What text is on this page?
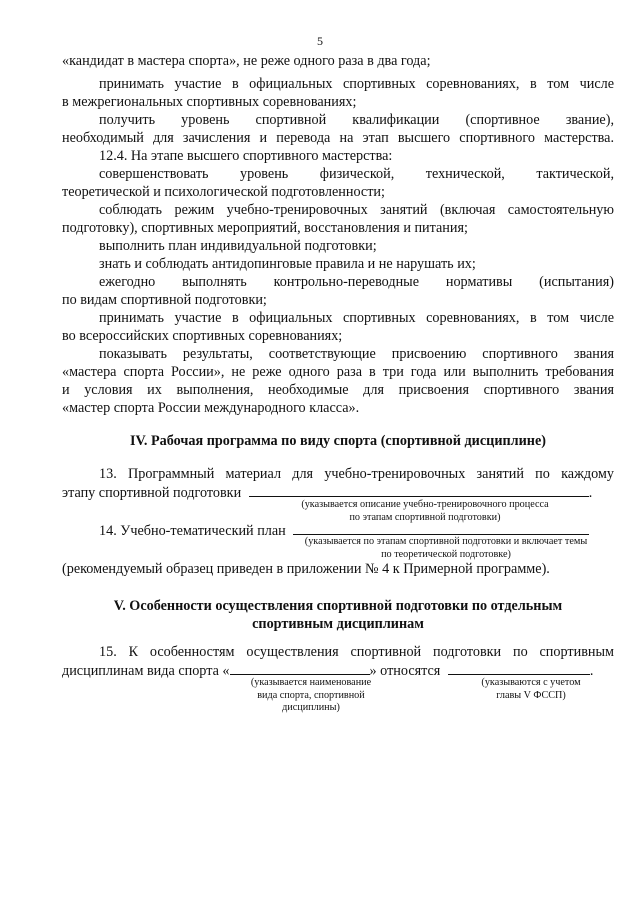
5
«кандидат в мастера спорта», не реже одного раза в два года;
принимать участие в официальных спортивных соревнованиях, в том числе
в межрегиональных спортивных соревнованиях;
получить уровень спортивной квалификации (спортивное звание),
необходимый для зачисления и перевода на этап высшего спортивного мастерства.
12.4. На этапе высшего спортивного мастерства:
совершенствовать уровень физической, технической, тактической,
теоретической и психологической подготовленности;
соблюдать режим учебно-тренировочных занятий (включая самостоятельную
подготовку), спортивных мероприятий, восстановления и питания;
выполнить план индивидуальной подготовки;
знать и соблюдать антидопинговые правила и не нарушать их;
ежегодно выполнять контрольно-переводные нормативы (испытания)
по видам спортивной подготовки;
принимать участие в официальных спортивных соревнованиях, в том числе
во всероссийских спортивных соревнованиях;
показывать результаты, соответствующие присвоению спортивного звания
«мастера спорта России», не реже одного раза в три года или выполнить требования
и условия их выполнения, необходимые для присвоения спортивного звания
«мастер спорта России международного класса».
IV. Рабочая программа по виду спорта (спортивной дисциплине)
13. Программный материал для учебно-тренировочных занятий по каждому
этапу спортивной подготовки	.
(указывается описание учебно-тренировочного процесса
по этапам спортивной подготовки)
14. Учебно-тематический план
(указывается по этапам спортивной подготовки и включает темы
по теоретической подготовке)
(рекомендуемый образец приведен в приложении № 4 к Примерной программе).
V. Особенности осуществления спортивной подготовки по отдельным
спортивным дисциплинам
15. К особенностям осуществления спортивной подготовки по спортивным
дисциплинам вида спорта «	» относятся	.
(указывается наименование
вида спорта, спортивной
дисциплины)
(указываются с учетом
главы V ФССП)
